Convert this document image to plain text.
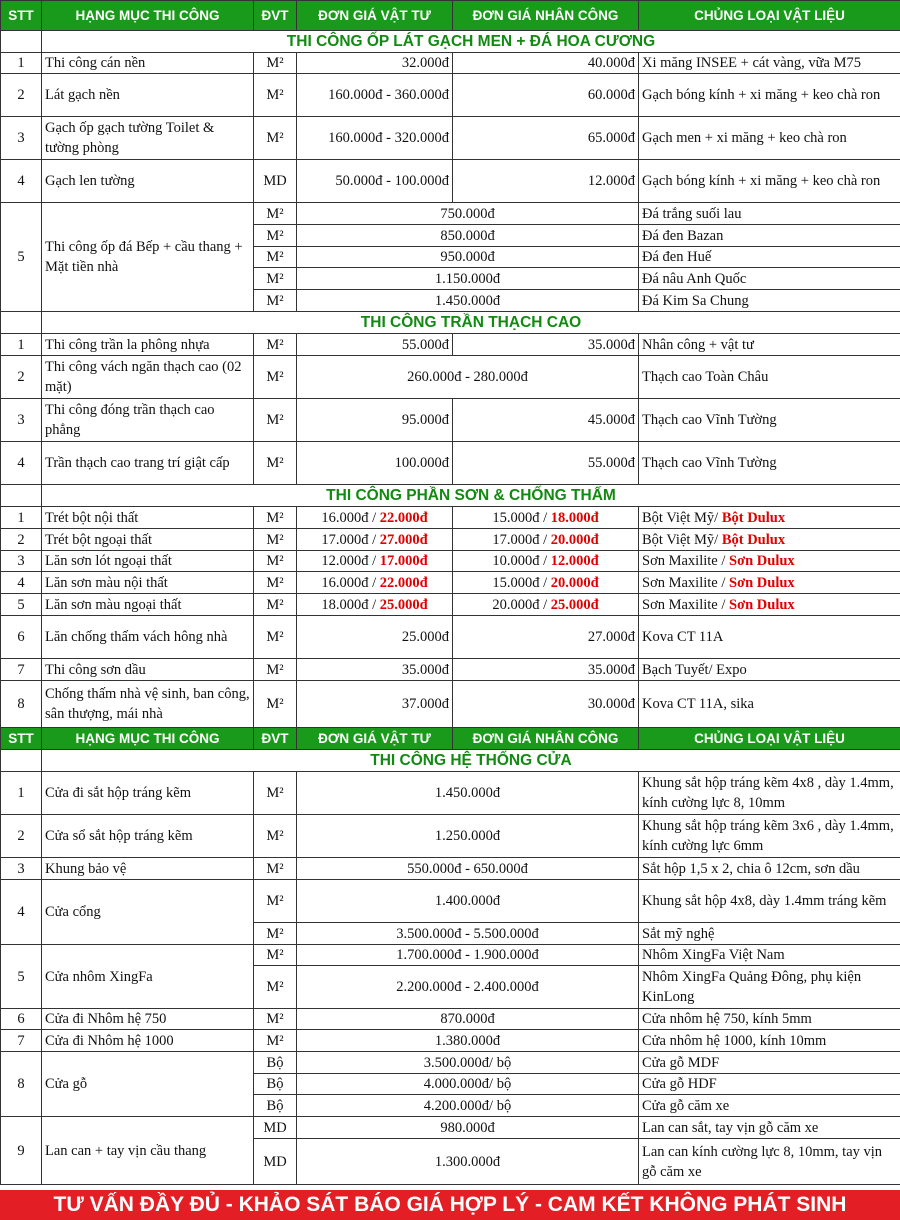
STT	HẠNG MỤC THI CÔNG	ĐVT	ĐƠN GIÁ VẬT TƯ	ĐƠN GIÁ NHÂN CÔNG	CHỦNG LOẠI VẬT LIỆU
	THI CÔNG ỐP LÁT GẠCH MEN + ĐÁ HOA CƯƠNG				
1	Thi công cán nền	M²	32.000đ	40.000đ	Xi măng INSEE + cát vàng, vữa M75
2	Lát gạch nền	M²	160.000đ - 360.000đ	60.000đ	Gạch bóng kính + xi măng + keo chà ron
3	Gạch ốp gạch tường Toilet & tường phòng	M²	160.000đ - 320.000đ	65.000đ	Gạch men + xi măng + keo chà ron
4	Gạch len tường	MD	50.000đ - 100.000đ	12.000đ	Gạch bóng kính + xi măng + keo chà ron
5	Thi công ốp đá Bếp + cầu thang + Mặt tiền nhà	M²	750.000đ		Đá trắng suối lau
		M²	850.000đ		Đá đen Bazan
		M²	950.000đ		Đá đen Huế
		M²	1.150.000đ		Đá nâu Anh Quốc
		M²	1.450.000đ		Đá Kim Sa Chung
	THI CÔNG TRẦN THẠCH CAO				
1	Thi công trần la phông nhựa	M²	55.000đ	35.000đ	Nhân công + vật tư
2	Thi công vách ngăn thạch cao (02 mặt)	M²	260.000đ - 280.000đ		Thạch cao Toàn Châu
3	Thi công đóng trần thạch cao phẳng	M²	95.000đ	45.000đ	Thạch cao Vĩnh Tường
4	Trần thạch cao trang trí giật cấp	M²	100.000đ	55.000đ	Thạch cao Vĩnh Tường
	THI CÔNG PHẦN SƠN & CHỐNG THẤM				
1	Trét bột nội thất	M²	16.000đ / 22.000đ	15.000đ / 18.000đ	Bột Việt Mỹ/ Bột Dulux
2	Trét bột ngoại thất	M²	17.000đ / 27.000đ	17.000đ / 20.000đ	Bột Việt Mỹ/ Bột Dulux
3	Lăn sơn lót ngoại thất	M²	12.000đ / 17.000đ	10.000đ / 12.000đ	Sơn Maxilite / Sơn Dulux
4	Lăn sơn màu nội thất	M²	16.000đ / 22.000đ	15.000đ / 20.000đ	Sơn Maxilite / Sơn Dulux
5	Lăn sơn màu ngoại thất	M²	18.000đ / 25.000đ	20.000đ / 25.000đ	Sơn Maxilite / Sơn Dulux
6	Lăn chống thấm vách hông nhà	M²	25.000đ	27.000đ	Kova CT 11A
7	Thi công sơn dầu	M²	35.000đ	35.000đ	Bạch Tuyết/ Expo
8	Chống thấm nhà vệ sinh, ban công, sân thượng, mái nhà	M²	37.000đ	30.000đ	Kova CT 11A, sika
STT	HẠNG MỤC THI CÔNG	ĐVT	ĐƠN GIÁ VẬT TƯ	ĐƠN GIÁ NHÂN CÔNG	CHỦNG LOẠI VẬT LIỆU
	THI CÔNG HỆ THỐNG CỬA				
1	Cửa đi sắt hộp tráng kẽm	M²	1.450.000đ		Khung sắt hộp tráng kẽm 4x8 , dày 1.4mm, kính cường lực 8, 10mm
2	Cửa sổ sắt hộp tráng kẽm	M²	1.250.000đ		Khung sắt hộp tráng kẽm 3x6 , dày 1.4mm, kính cường lực 6mm
3	Khung bảo vệ	M²	550.000đ - 650.000đ		Sắt hộp 1,5 x 2, chia ô 12cm, sơn dầu
4	Cửa cổng	M²	1.400.000đ		Khung sắt hộp 4x8, dày 1.4mm tráng kẽm
		M²	3.500.000đ - 5.500.000đ		Sắt mỹ nghệ
5	Cửa nhôm XingFa	M²	1.700.000đ - 1.900.000đ		Nhôm XingFa Việt Nam
		M²	2.200.000đ - 2.400.000đ		Nhôm XingFa Quảng Đông, phụ kiện KinLong
6	Cửa đi Nhôm hệ 750	M²	870.000đ		Cửa nhôm hệ 750, kính 5mm
7	Cửa đi Nhôm hệ 1000	M²	1.380.000đ		Cửa nhôm hệ 1000, kính 10mm
8	Cửa gỗ	Bộ	3.500.000đ/ bộ		Cửa gỗ MDF
		Bộ	4.000.000đ/ bộ		Cửa gỗ HDF
		Bộ	4.200.000đ/ bộ		Cửa gỗ căm xe
9	Lan can + tay vịn cầu thang	MD	980.000đ		Lan can sắt, tay vịn gỗ căm xe
		MD	1.300.000đ		Lan can kính cường lực 8, 10mm, tay vịn gỗ căm xe
TƯ VẤN ĐẦY ĐỦ - KHẢO SÁT BÁO GIÁ HỢP LÝ - CAM KẾT KHÔNG PHÁT SINH
